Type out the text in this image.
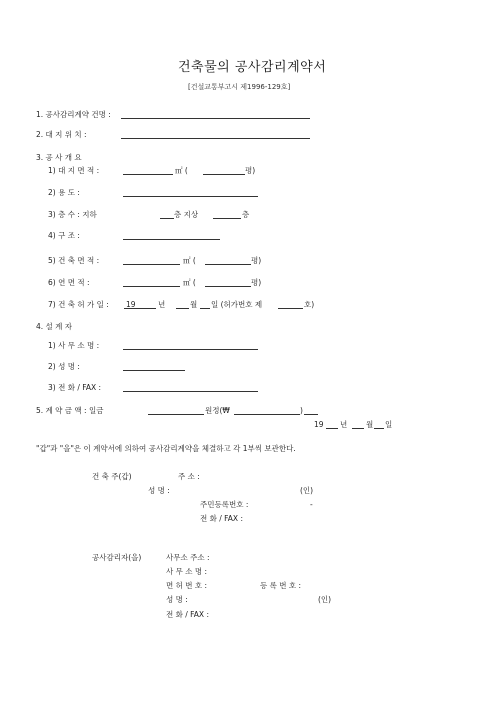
건축물의 공사감리계약서
[건설교통부고시 제1996-129호]
1. 공사감리계약 건명 :
2. 대 지 위 치 :
3. 공 사 개 요
1) 대 지 면 적 :	㎡ (	평)
2) 용 도 :
3) 층 수 : 지하	층 지상	층
4) 구 조 :
5) 건 축 면 적 :	㎡ (	평)
6) 연 면 적 :	㎡ (	평)
7) 건 축 허 가 일 : 19	년	월 일 (허가번호 제	호)
4. 설 계 자
1) 사 무 소 명 :
2) 성 명 :
3) 전 화 / FAX :
5. 계 약 금 액 : 일금	원정(₩	)
19 년	월 일
"갑"과 "을"은 이 계약서에 의하여 공사감리계약을 체결하고 각 1부씩 보관한다.
건 축 주(갑)	주 소 :
성 명 :	(인)
주민등록번호 :	-
전 화 / FAX :
공사감리자(을)	사무소 주소 :
사 무 소 명 :
면 허 번 호 :	등 록 번 호 :
성 명 :	(인)
전 화 / FAX :
